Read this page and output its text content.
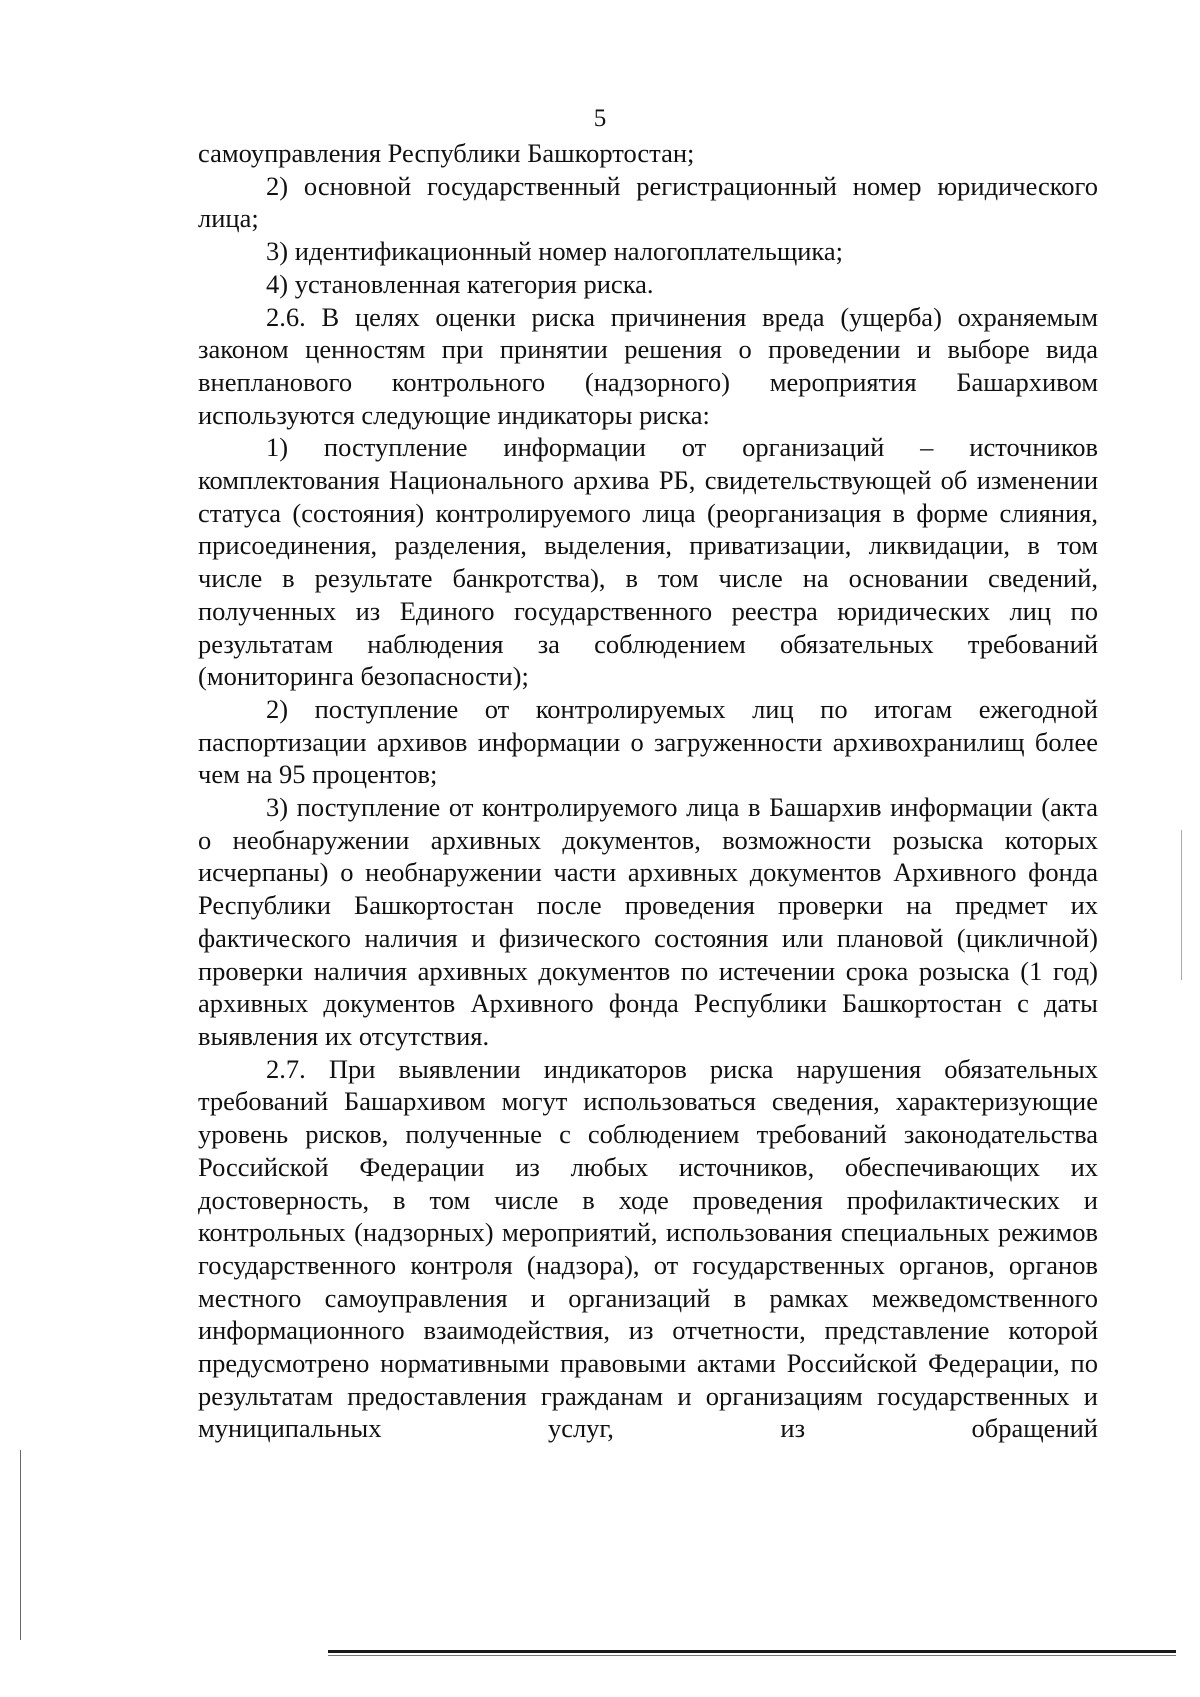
5

самоуправления Республики Башкортостан;

2) основной государственный регистрационный номер юридического лица;

3) идентификационный номер налогоплательщика;

4) установленная категория риска.

2.6. В целях оценки риска причинения вреда (ущерба) охраняемым законом ценностям при принятии решения о проведении и выборе вида внепланового контрольного (надзорного) мероприятия Башархивом используются следующие индикаторы риска:

1) поступление информации от организаций – источников комплектования Национального архива РБ, свидетельствующей об изменении статуса (состояния) контролируемого лица (реорганизация в форме слияния, присоединения, разделения, выделения, приватизации, ликвидации, в том числе в результате банкротства), в том числе на основании сведений, полученных из Единого государственного реестра юридических лиц по результатам наблюдения за соблюдением обязательных требований (мониторинга безопасности);

2) поступление от контролируемых лиц по итогам ежегодной паспортизации архивов информации о загруженности архивохранилищ более чем на 95 процентов;

3) поступление от контролируемого лица в Башархив информации (акта о необнаружении архивных документов, возможности розыска которых исчерпаны) о необнаружении части архивных документов Архивного фонда Республики Башкортостан после проведения проверки на предмет их фактического наличия и физического состояния или плановой (цикличной) проверки наличия архивных документов по истечении срока розыска (1 год) архивных документов Архивного фонда Республики Башкортостан с даты выявления их отсутствия.

2.7. При выявлении индикаторов риска нарушения обязательных требований Башархивом могут использоваться сведения, характеризующие уровень рисков, полученные с соблюдением требований законодательства Российской Федерации из любых источников, обеспечивающих их достоверность, в том числе в ходе проведения профилактических и контрольных (надзорных) мероприятий, использования специальных режимов государственного контроля (надзора), от государственных органов, органов местного самоуправления и организаций в рамках межведомственного информационного взаимодействия, из отчетности, представление которой предусмотрено нормативными правовыми актами Российской Федерации, по результатам предоставления гражданам и организациям государственных и муниципальных услуг, из обращений
